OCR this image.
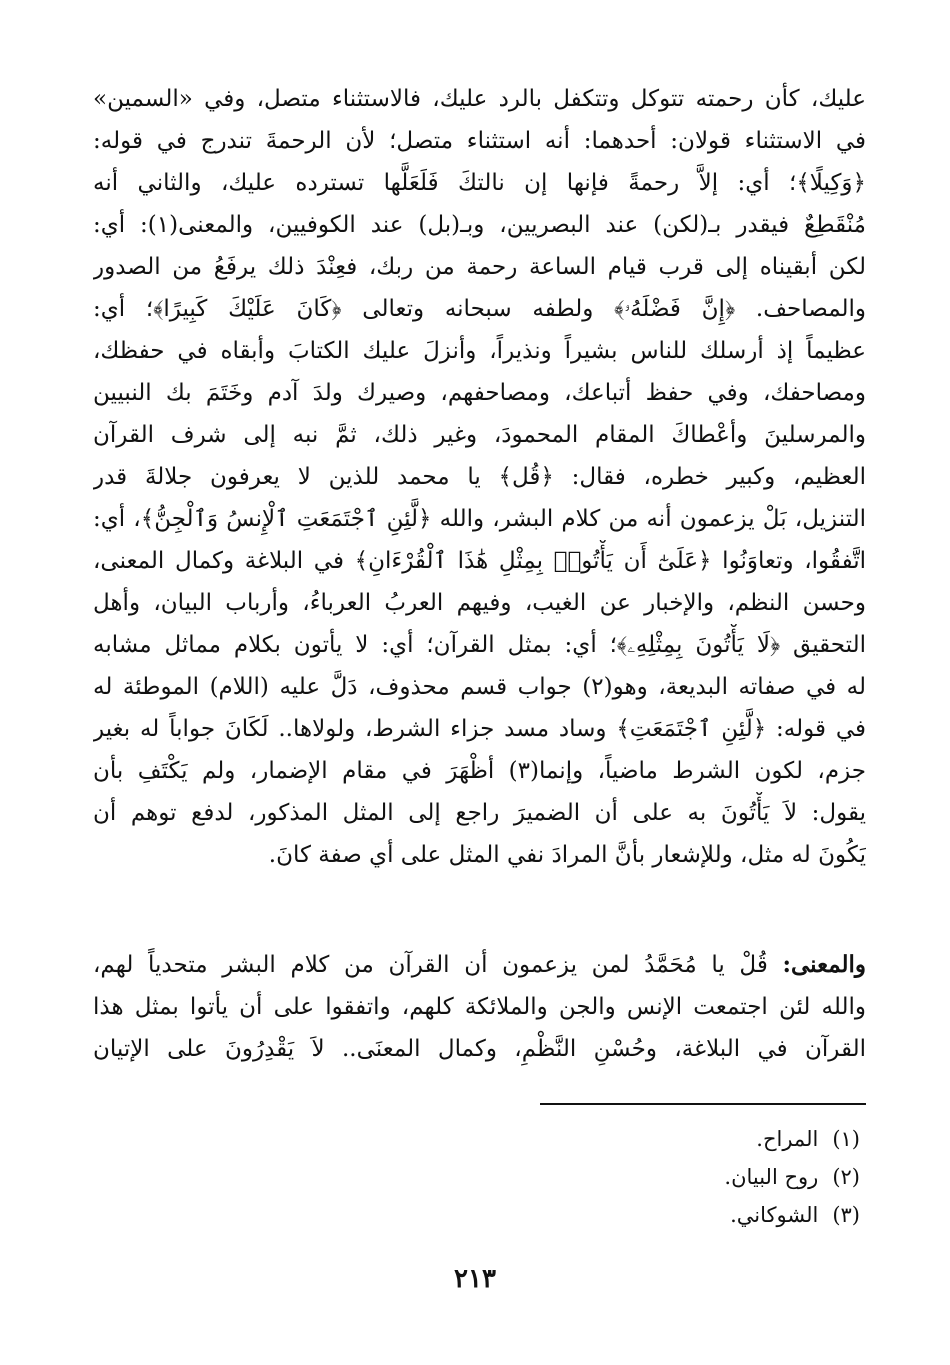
عليك، كأن رحمته تتوكل وتتكفل بالرد عليك، فالاستثناء متصل، وفي «السمين»
في الاستثناء قولان: أحدهما: أنه استثناء متصل؛ لأن الرحمةَ تندرج في قوله:
﴿وَكِيلًا﴾؛ أي: إلاَّ رحمةً فإنها إن نالتكَ فَلَعَلَّها تسترده عليك، والثاني أنه
مُنْقَطِعٌ فيقدر بـ(لكن) عند البصريين، وبـ(بل) عند الكوفيين، والمعنى(١): أي:
لكن أبقيناه إلى قرب قيام الساعة رحمة من ربك، فعِنْدَ ذلك يرفَعُ من الصدور
والمصاحف. ﴿إِنَّ فَضْلَهُۥ﴾ ولطفه سبحانه وتعالى ﴿كَانَ عَلَيْكَ كَبِيرًا﴾؛ أي:
عظيماً إذ أرسلك للناس بشيراً ونذيراً، وأنزلَ عليك الكتابَ وأبقاه في حفظك،
ومصاحفك، وفي حفظ أتباعك، ومصاحفهم، وصيرك ولدَ آدم وخَتَمَ بك النبيين
والمرسلينَ وأعْطاكَ المقام المحمودَ، وغير ذلك، ثمَّ نبه إلى شرف القرآن
العظيم، وكبير خطره، فقال: ﴿قُل﴾ يا محمد للذين لا يعرفون جلالةَ قدر
التنزيل، بَلْ يزعمون أنه من كلام البشر، والله ﴿لَّئِنِ ٱجْتَمَعَتِ ٱلْإِنسُ وَٱلْجِنُّ﴾، أي:
اتَّفقُوا، وتعاوَنُوا ﴿عَلَىٰٓ أَن يَأْتُوا۟ بِمِثْلِ هَٰذَا ٱلْقُرْءَانِ﴾ في البلاغة وكمال المعنى،
وحسن النظم، والإخبار عن الغيب، وفيهم العربُ العرباءُ، وأرباب البيان، وأهل
التحقيق ﴿لَا يَأْتُونَ بِمِثْلِهِۦ﴾؛ أي: بمثل القرآن؛ أي: لا يأتون بكلام مماثل مشابه
له في صفاته البديعة، وهو(٢) جواب قسم محذوف، دَلَّ عليه (اللام) الموطئة له
في قوله: ﴿لَّئِنِ ٱجْتَمَعَتِ﴾ وساد مسد جزاء الشرط، ولولاها.. لَكَانَ جواباً له بغير
جزم، لكون الشرط ماضياً، وإنما(٣) أظْهَرَ في مقام الإضمار، ولم يَكْتَفِ بأن
يقول: لاَ يَأْتُونَ به على أن الضميرَ راجع إلى المثل المذكور، لدفع توهم أن
يَكُونَ له مثل، وللإشعار بأنَّ المرادَ نفي المثل على أي صفة كانَ.
والمعنى: قُلْ يا مُحَمَّدُ لمن يزعمون أن القرآن من كلام البشر متحدياً لهم،
والله لئن اجتمعت الإنس والجن والملائكة كلهم، واتفقوا على أن يأتوا بمثل هذا
القرآن في البلاغة، وحُسْنِ النَّظْمِ، وكمال المعنَى.. لاَ يَقْدِرُونَ على الإتيان
(١)المراح.
(٢)روح البيان.
(٣)الشوكاني.
٢١٣
